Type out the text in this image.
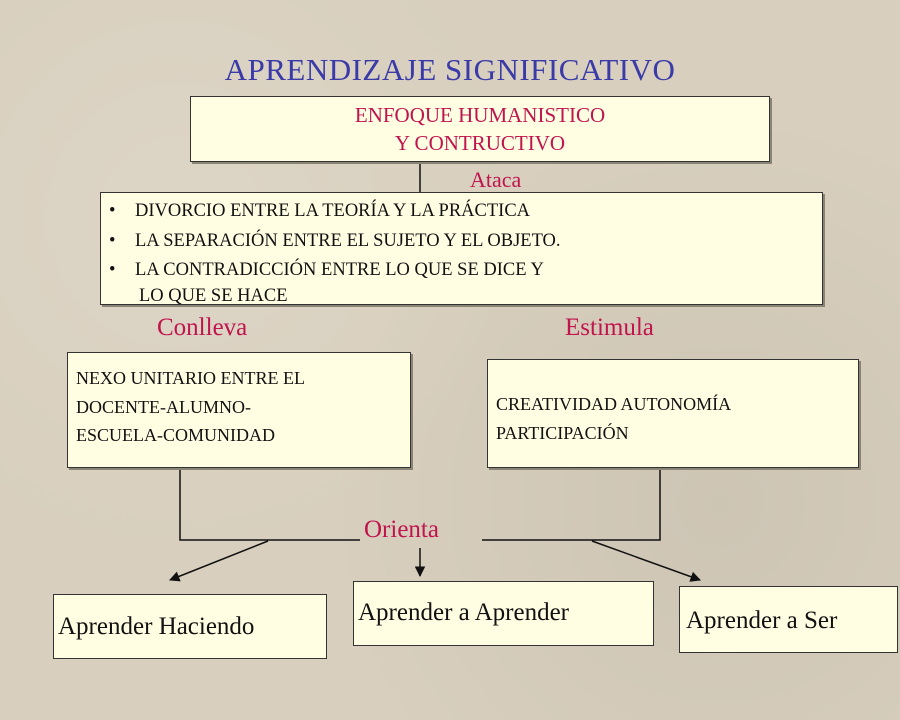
APRENDIZAJE SIGNIFICATIVO
ENFOQUE HUMANISTICO
Y CONTRUCTIVO
Ataca
• DIVORCIO ENTRE LA TEORÍA Y LA PRÁCTICA
• LA SEPARACIÓN ENTRE EL SUJETO Y EL OBJETO.
• LA CONTRADICCIÓN ENTRE LO QUE SE DICE Y
LO QUE SE HACE
Conlleva	Estimula
NEXO UNITARIO ENTRE EL
DOCENTE-ALUMNO-
ESCUELA-COMUNIDAD
CREATIVIDAD AUTONOMÍA
PARTICIPACIÓN
Orienta
Aprender Haciendo
Aprender a Aprender	Aprender a Ser
